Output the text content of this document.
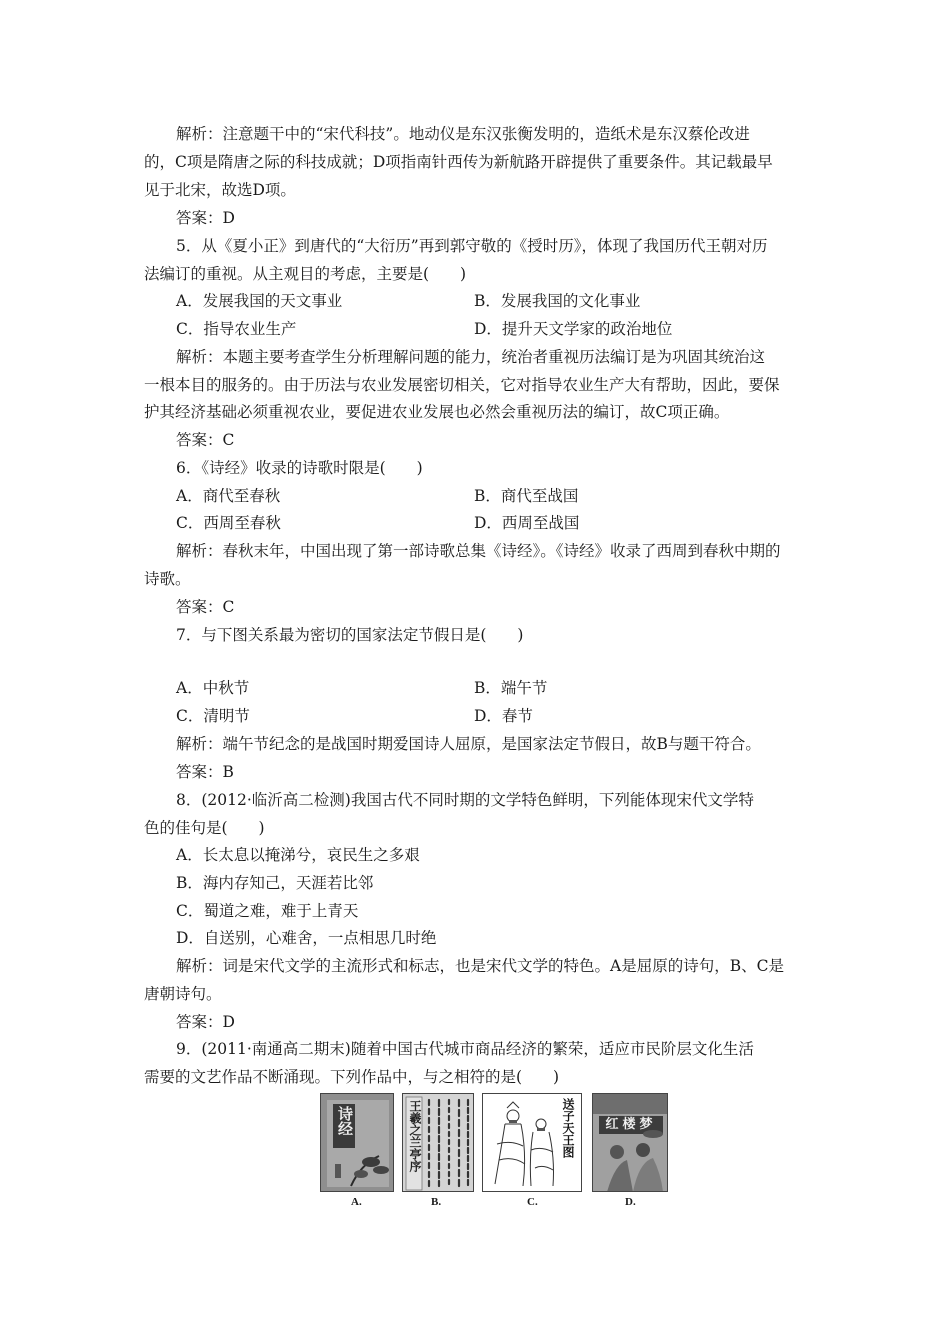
解析：注意题干中的“宋代科技”。地动仪是东汉张衡发明的，造纸术是东汉蔡伦改进
的，C项是隋唐之际的科技成就；D项指南针西传为新航路开辟提供了重要条件。其记载最早
见于北宋，故选D项。
答案：D
5．从《夏小正》到唐代的“大衍历”再到郭守敬的《授时历》，体现了我国历代王朝对历
法编订的重视。从主观目的考虑，主要是(　　)
A．发展我国的天文事业	B．发展我国的文化事业
C．指导农业生产	D．提升天文学家的政治地位
解析：本题主要考查学生分析理解问题的能力，统治者重视历法编订是为巩固其统治这
一根本目的服务的。由于历法与农业发展密切相关，它对指导农业生产大有帮助，因此，要保
护其经济基础必须重视农业，要促进农业发展也必然会重视历法的编订，故C项正确。
答案：C
6．《诗经》收录的诗歌时限是(　　)
A．商代至春秋	B．商代至战国
C．西周至春秋	D．西周至战国
解析：春秋末年，中国出现了第一部诗歌总集《诗经》。《诗经》收录了西周到春秋中期的
诗歌。
答案：C
7．与下图关系最为密切的国家法定节假日是(　　)
A．中秋节	B．端午节
C．清明节	D．春节
解析：端午节纪念的是战国时期爱国诗人屈原，是国家法定节假日，故B与题干符合。
答案：B
8．(2012·临沂高二检测)我国古代不同时期的文学特色鲜明，下列能体现宋代文学特
色的佳句是(　　)
A．长太息以掩涕兮，哀民生之多艰
B．海内存知己，天涯若比邻
C．蜀道之难，难于上青天
D．自送别，心难舍，一点相思几时绝
解析：词是宋代文学的主流形式和标志，也是宋代文学的特色。A是屈原的诗句，B、C是
唐朝诗句。
答案：D
9．(2011·南通高二期末)随着中国古代城市商品经济的繁荣，适应市民阶层文化生活
需要的文艺作品不断涌现。下列作品中，与之相符的是(　　)
诗经	王羲之兰亭序	送子天王图	红楼梦
A.	B.	C.	D.
